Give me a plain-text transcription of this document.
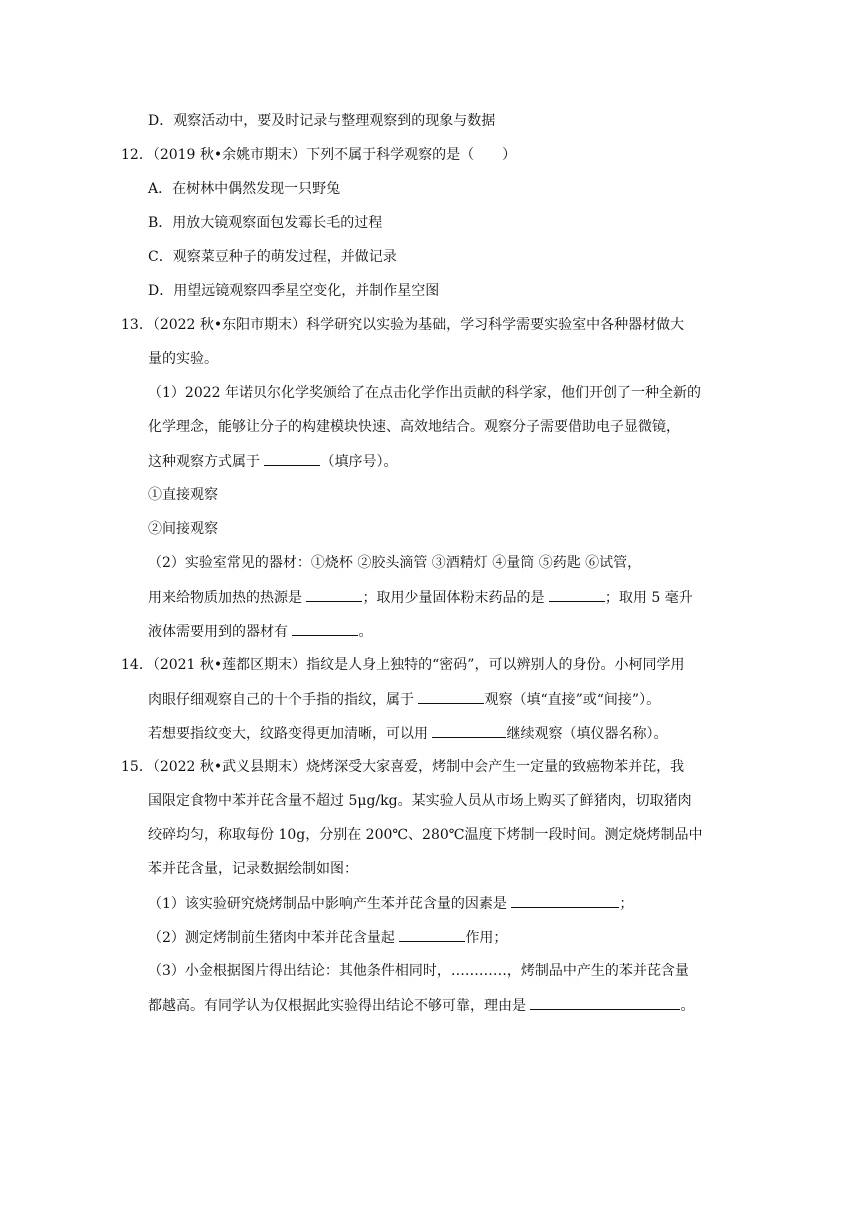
D．观察活动中，要及时记录与整理观察到的现象与数据
12．（2019 秋•余姚市期末）下列不属于科学观察的是（　　）
A．在树林中偶然发现一只野兔
B．用放大镜观察面包发霉长毛的过程
C．观察菜豆种子的萌发过程，并做记录
D．用望远镜观察四季星空变化，并制作星空图
13．（2022 秋•东阳市期末）科学研究以实验为基础，学习科学需要实验室中各种器材做大
量的实验。
（1）2022 年诺贝尔化学奖颁给了在点击化学作出贡献的科学家，他们开创了一种全新的
化学理念，能够让分子的构建模块快速、高效地结合。观察分子需要借助电子显微镜，
这种观察方式属于	（填序号）。
①直接观察
②间接观察
（2）实验室常见的器材：①烧杯 ②胶头滴管 ③酒精灯 ④量筒 ⑤药匙 ⑥试管，
用来给物质加热的热源是	；取用少量固体粉末药品的是	；取用 5 毫升
液体需要用到的器材有	。
14．（2021 秋•莲都区期末）指纹是人身上独特的“密码”，可以辨别人的身份。小柯同学用
肉眼仔细观察自己的十个手指的指纹，属于	观察（填“直接”或“间接”）。
若想要指纹变大，纹路变得更加清晰，可以用	继续观察（填仪器名称）。
15．（2022 秋•武义县期末）烧烤深受大家喜爱，烤制中会产生一定量的致癌物苯并芘，我
国限定食物中苯并芘含量不超过 5μg/kg。某实验人员从市场上购买了鲜猪肉，切取猪肉
绞碎均匀，称取每份 10g，分别在 200℃、280℃温度下烤制一段时间。测定烧烤制品中
苯并芘含量，记录数据绘制如图：
（1）该实验研究烧烤制品中影响产生苯并芘含量的因素是	；
（2）测定烤制前生猪肉中苯并芘含量起	作用；
（3）小金根据图片得出结论：其他条件相同时，…………，烤制品中产生的苯并芘含量
都越高。有同学认为仅根据此实验得出结论不够可靠，理由是	。
